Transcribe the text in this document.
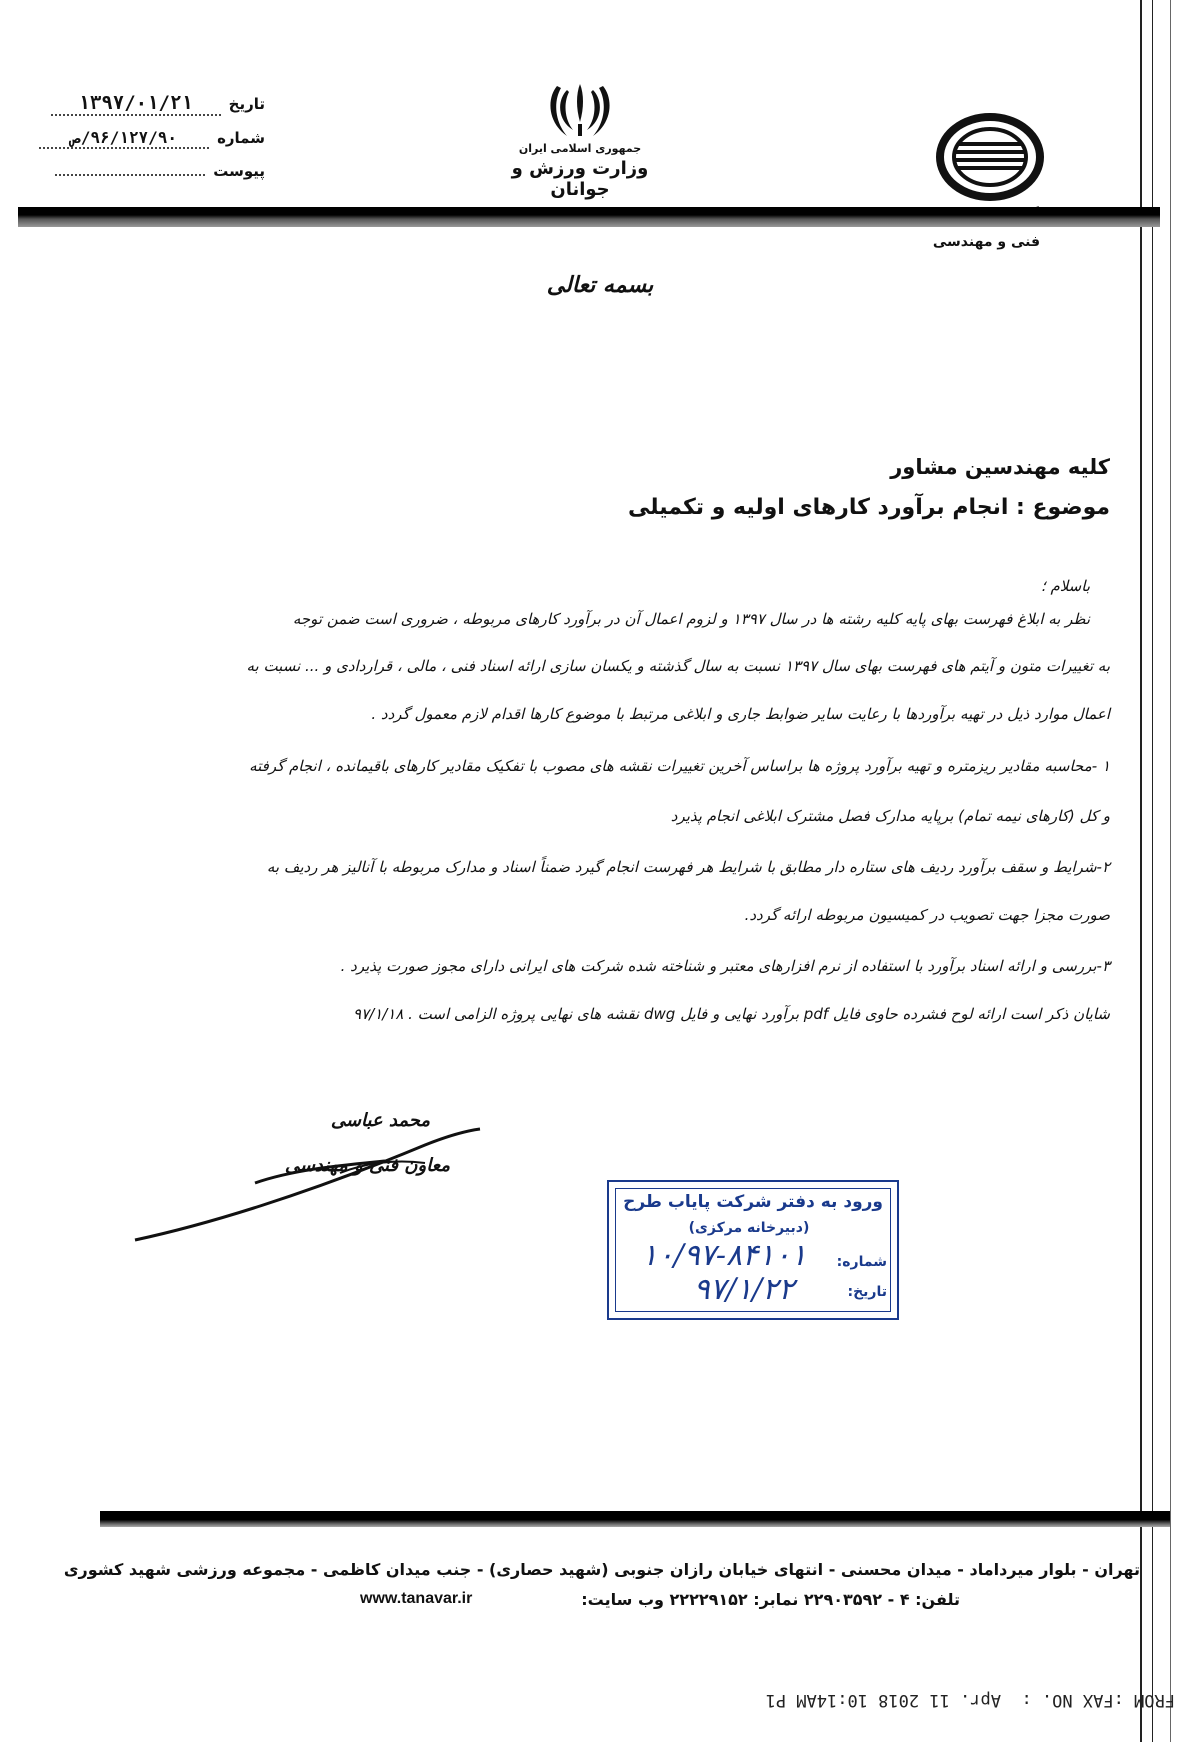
تاریخ
۱۳۹۷/۰۱/۲۱
شماره
۹۶/۱۲۷/۹۰/ص
پیوست
جمهوری اسلامی ایران
وزارت ورزش و جوانان
فنی و مهندسی
بسمه تعالی
کلیه مهندسین مشاور
موضوع : انجام برآورد کارهای اولیه و تکمیلی
باسلام ؛
نظر به ابلاغ فهرست بهای پایه کلیه رشته ها در سال ۱۳۹۷ و لزوم اعمال آن در برآورد کارهای مربوطه ، ضروری است ضمن توجه
به تغییرات متون و آیتم های فهرست بهای سال ۱۳۹۷ نسبت به سال گذشته و یکسان سازی ارائه اسناد فنی ، مالی ، قراردادی و ... نسبت به
اعمال موارد ذیل در تهیه برآوردها با رعایت سایر ضوابط جاری و ابلاغی مرتبط با موضوع کارها اقدام لازم معمول گردد .
۱ -محاسبه مقادیر ریزمتره و تهیه برآورد پروژه ها براساس آخرین تغییرات نقشه های مصوب با تفکیک مقادیر کارهای باقیمانده ، انجام گرفته
و کل (کارهای نیمه تمام) برپایه مدارک فصل مشترک ابلاغی انجام پذیرد
۲-شرایط و سقف برآورد ردیف های ستاره دار مطابق با شرایط هر فهرست انجام گیرد ضمناً اسناد و مدارک مربوطه با آنالیز هر ردیف به
صورت مجزا جهت تصویب در کمیسیون مربوطه ارائه گردد.
۳-بررسی و ارائه اسناد برآورد با استفاده از نرم افزارهای معتبر و شناخته شده شرکت های ایرانی دارای مجوز صورت پذیرد .
شایان ذکر است ارائه لوح فشرده حاوی فایل pdf برآورد نهایی و فایل dwg نقشه های نهایی پروژه الزامی است . ۹۷/۱/۱۸
محمد عباسی
معاون فنی و مهندسی
ورود به دفتر شرکت پایاب طرح
(دبیرخانه مرکزی)
شماره:
۱۰/۹۷-۸۴۱۰۱
تاریخ:
۹۷/۱/۲۲
تهران - بلوار میرداماد - میدان محسنی - انتهای خیابان رازان جنوبی (شهید حصاری) - جنب میدان کاظمی - مجموعه ورزشی شهید کشوری
www.tanavar.ir	تلفن: ۴ - ۲۲۹۰۳۵۹۲ نمابر: ۲۲۲۲۹۱۵۲ وب سایت:
FROM :FAX NO. :  Apr. 11 2018 10:14AM P1
